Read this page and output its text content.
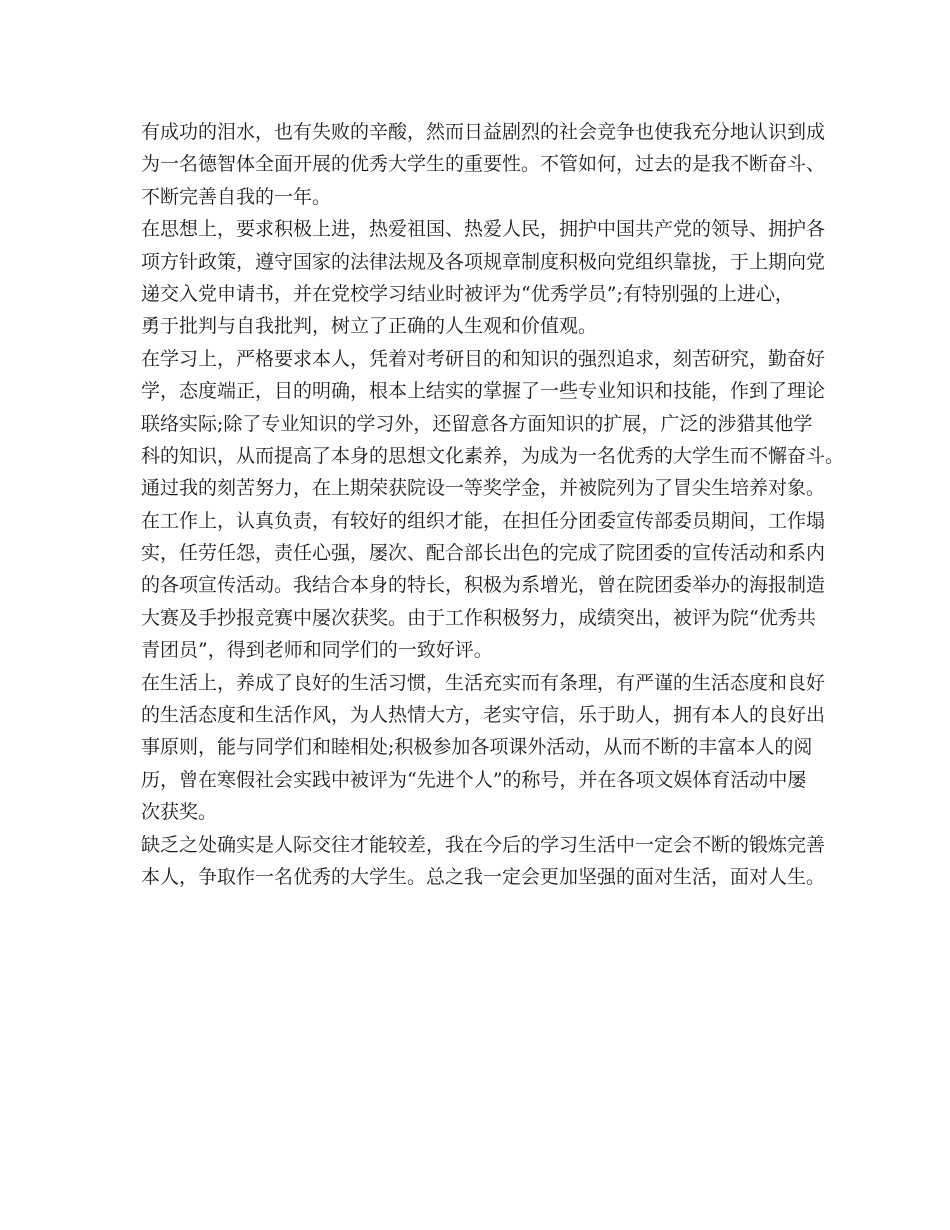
有成功的泪水，也有失败的辛酸，然而日益剧烈的社会竞争也使我充分地认识到成
为一名德智体全面开展的优秀大学生的重要性。不管如何，过去的是我不断奋斗、
不断完善自我的一年。
在思想上，要求积极上进，热爱祖国、热爱人民，拥护中国共产党的领导、拥护各
项方针政策，遵守国家的法律法规及各项规章制度积极向党组织靠拢，于上期向党
递交入党申请书，并在党校学习结业时被评为“优秀学员”;有特别强的上进心，
勇于批判与自我批判，树立了正确的人生观和价值观。
在学习上，严格要求本人，凭着对考研目的和知识的强烈追求，刻苦研究，勤奋好
学，态度端正，目的明确，根本上结实的掌握了一些专业知识和技能，作到了理论
联络实际;除了专业知识的学习外，还留意各方面知识的扩展，广泛的涉猎其他学
科的知识，从而提高了本身的思想文化素养，为成为一名优秀的大学生而不懈奋斗。
通过我的刻苦努力，在上期荣获院设一等奖学金，并被院列为了冒尖生培养对象。
在工作上，认真负责，有较好的组织才能，在担任分团委宣传部委员期间，工作塌
实，任劳任怨，责任心强，屡次、配合部长出色的完成了院团委的宣传活动和系内
的各项宣传活动。我结合本身的特长，积极为系增光，曾在院团委举办的海报制造
大赛及手抄报竞赛中屡次获奖。由于工作积极努力，成绩突出，被评为院“优秀共
青团员”，得到老师和同学们的一致好评。
在生活上，养成了良好的生活习惯，生活充实而有条理，有严谨的生活态度和良好
的生活态度和生活作风，为人热情大方，老实守信，乐于助人，拥有本人的良好出
事原则，能与同学们和睦相处;积极参加各项课外活动，从而不断的丰富本人的阅
历，曾在寒假社会实践中被评为“先进个人”的称号，并在各项文娱体育活动中屡
次获奖。
缺乏之处确实是人际交往才能较差，我在今后的学习生活中一定会不断的锻炼完善
本人，争取作一名优秀的大学生。总之我一定会更加坚强的面对生活，面对人生。
